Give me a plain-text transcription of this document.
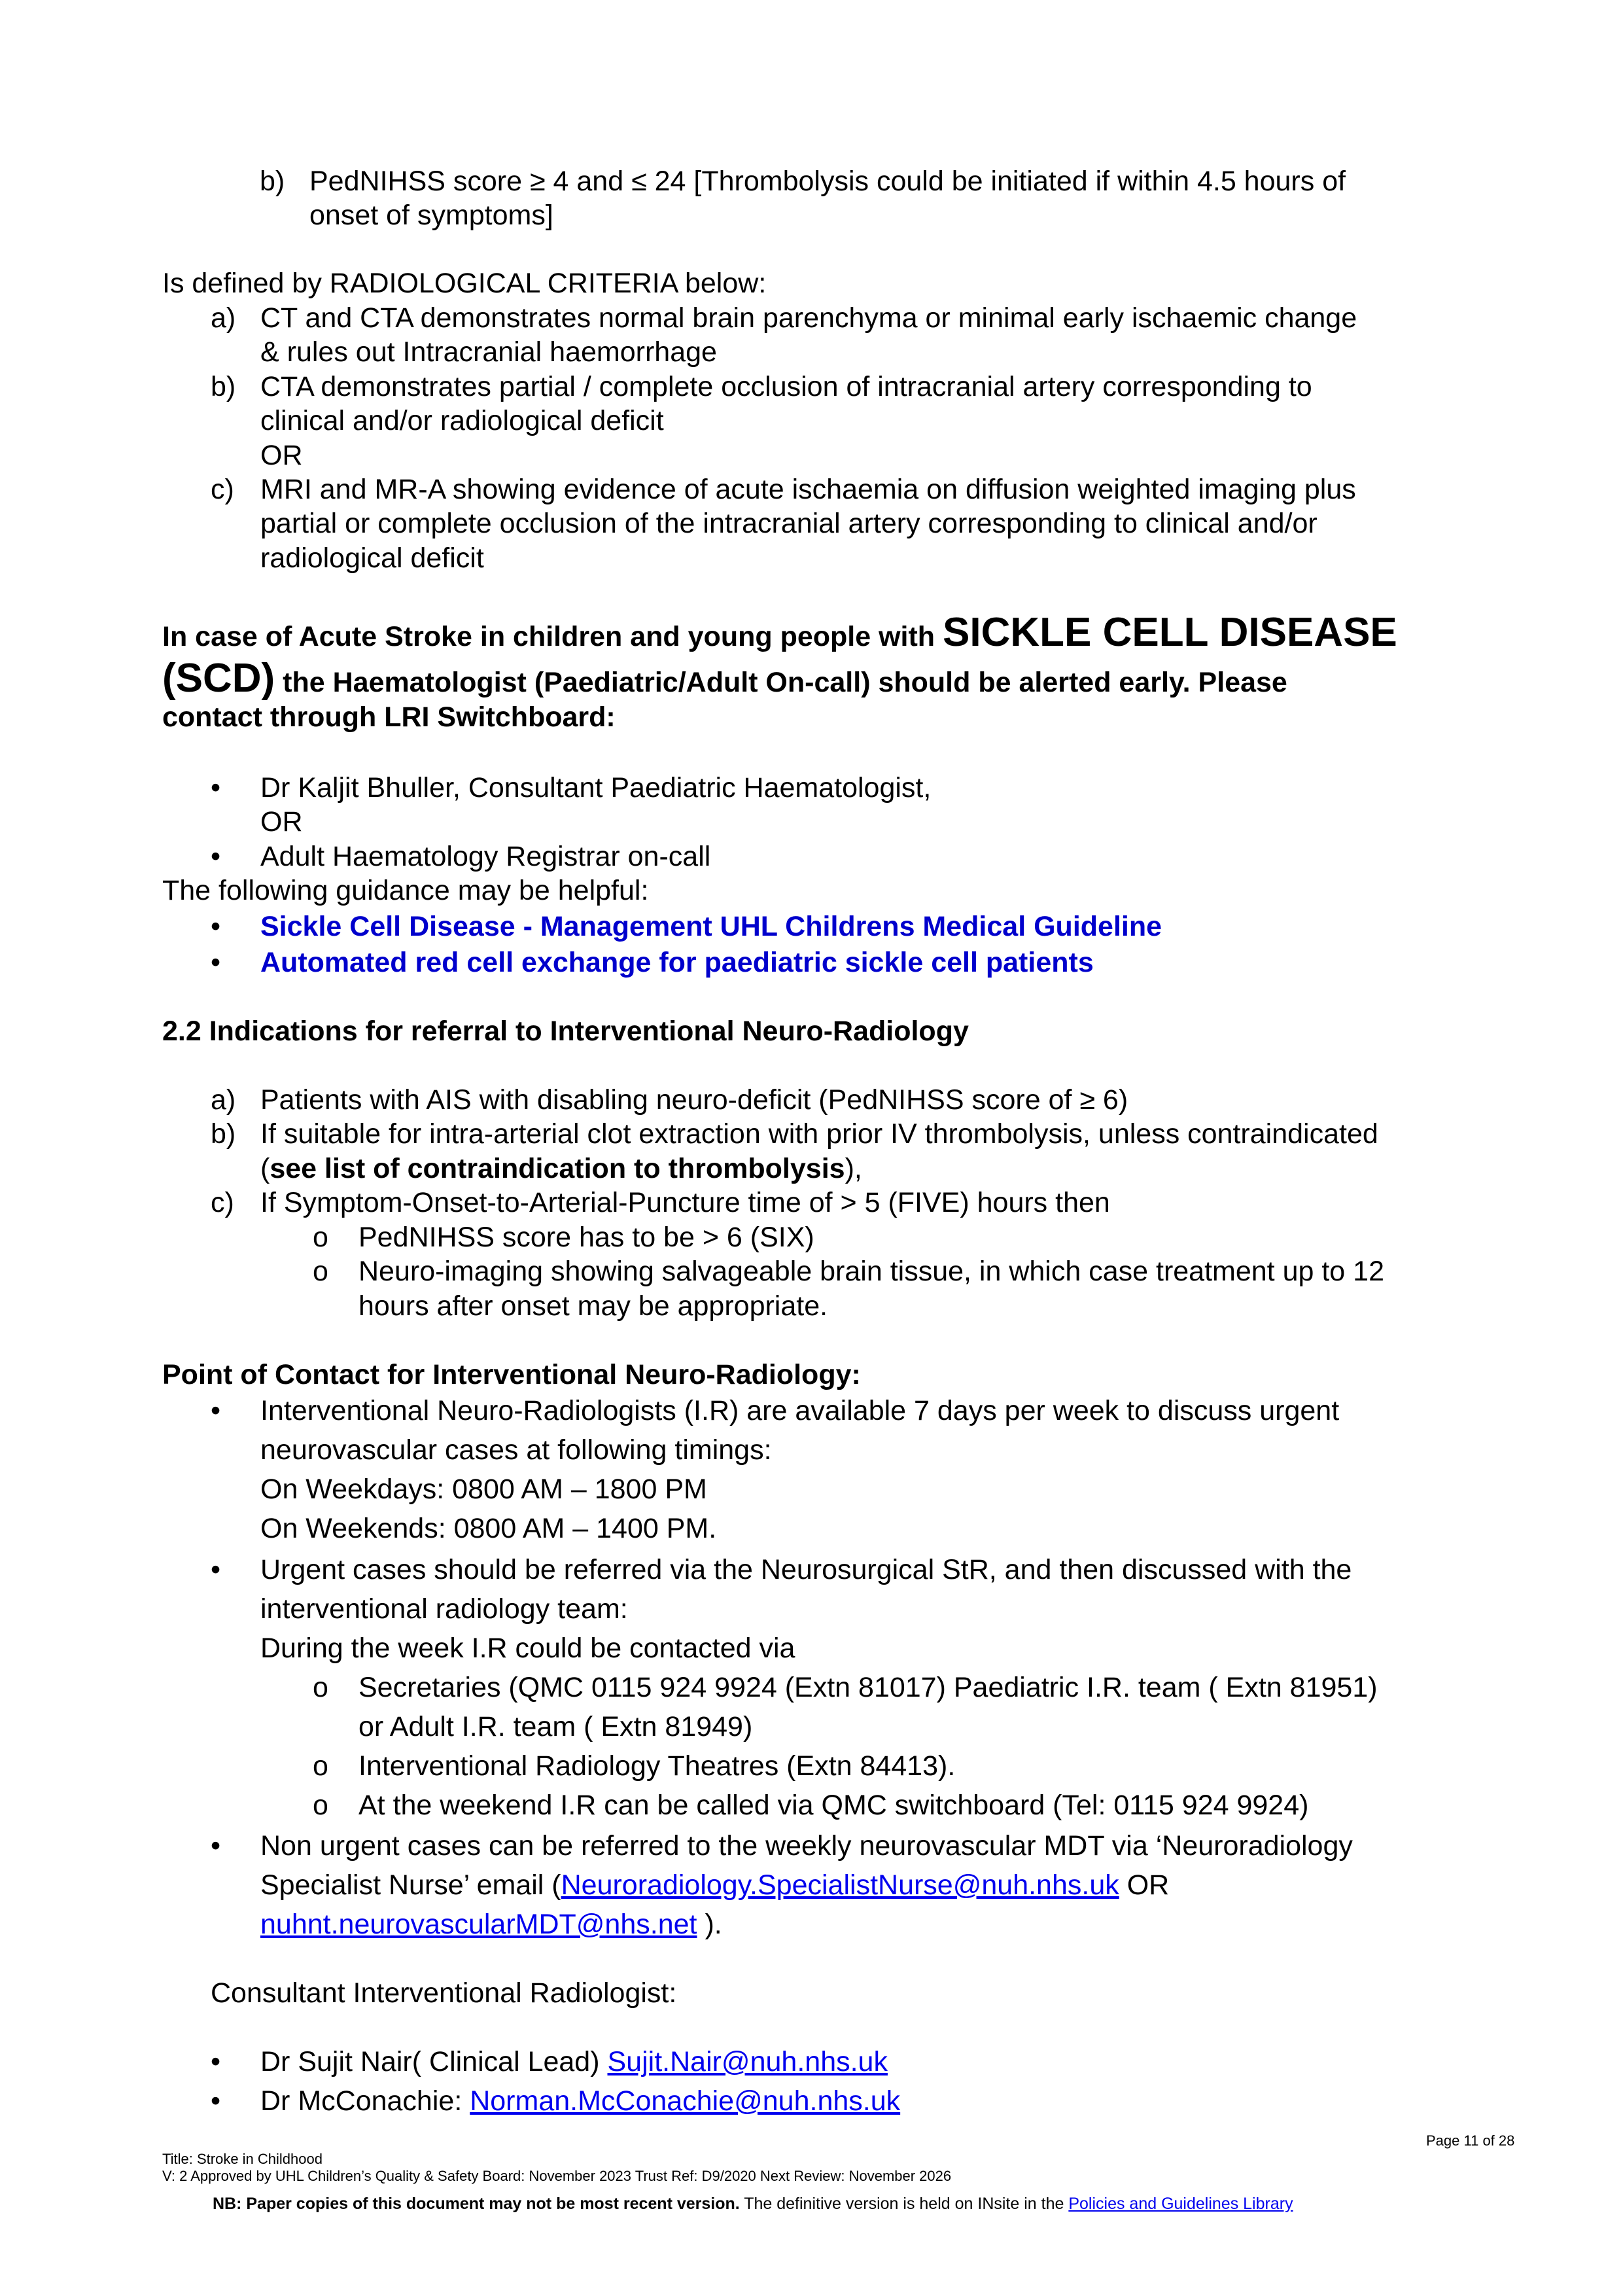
b) PedNIHSS score ≥ 4 and ≤ 24 [Thrombolysis could be initiated if within 4.5 hours of
onset of symptoms]
Is defined by RADIOLOGICAL CRITERIA below:
a) CT and CTA demonstrates normal brain parenchyma or minimal early ischaemic change
& rules out Intracranial haemorrhage
b) CTA demonstrates partial / complete occlusion of intracranial artery corresponding to
clinical and/or radiological deficit
OR
c) MRI and MR-A showing evidence of acute ischaemia on diffusion weighted imaging plus
partial or complete occlusion of the intracranial artery corresponding to clinical and/or
radiological deficit
In case of Acute Stroke in children and young people with SICKLE CELL DISEASE
(SCD) the Haematologist (Paediatric/Adult On-call) should be alerted early. Please
contact through LRI Switchboard:
• Dr Kaljit Bhuller, Consultant Paediatric Haematologist,
OR
• Adult Haematology Registrar on-call
The following guidance may be helpful:
• Sickle Cell Disease - Management UHL Childrens Medical Guideline
• Automated red cell exchange for paediatric sickle cell patients
2.2 Indications for referral to Interventional Neuro-Radiology
a) Patients with AIS with disabling neuro-deficit (PedNIHSS score of ≥ 6)
b) If suitable for intra-arterial clot extraction with prior IV thrombolysis, unless contraindicated
(see list of contraindication to thrombolysis),
c) If Symptom-Onset-to-Arterial-Puncture time of > 5 (FIVE) hours then
o PedNIHSS score has to be > 6 (SIX)
o Neuro-imaging showing salvageable brain tissue, in which case treatment up to 12
hours after onset may be appropriate.
Point of Contact for Interventional Neuro-Radiology:
• Interventional Neuro-Radiologists (I.R) are available 7 days per week to discuss urgent
neurovascular cases at following timings:
On Weekdays: 0800 AM – 1800 PM
On Weekends: 0800 AM – 1400 PM.
• Urgent cases should be referred via the Neurosurgical StR, and then discussed with the
interventional radiology team:
During the week I.R could be contacted via
o Secretaries (QMC 0115 924 9924 (Extn 81017) Paediatric I.R. team ( Extn 81951)
or Adult I.R. team ( Extn 81949)
o Interventional Radiology Theatres (Extn 84413).
o At the weekend I.R can be called via QMC switchboard (Tel: 0115 924 9924)
• Non urgent cases can be referred to the weekly neurovascular MDT via ‘Neuroradiology
Specialist Nurse’ email (Neuroradiology.SpecialistNurse@nuh.nhs.uk OR
nuhnt.neurovascularMDT@nhs.net ).
Consultant Interventional Radiologist:
• Dr Sujit Nair( Clinical Lead) Sujit.Nair@nuh.nhs.uk
• Dr McConachie: Norman.McConachie@nuh.nhs.uk
Page 11 of 28
Title: Stroke in Childhood
V: 2 Approved by UHL Children’s Quality & Safety Board: November 2023 Trust Ref: D9/2020 Next Review: November 2026
NB: Paper copies of this document may not be most recent version. The definitive version is held on INsite in the Policies and Guidelines Library
